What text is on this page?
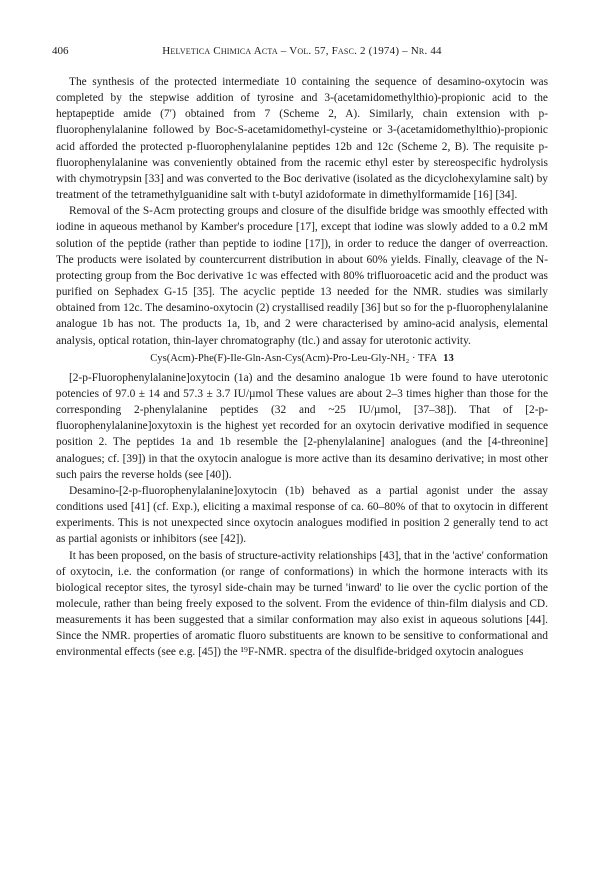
406	Helvetica Chimica Acta – Vol. 57, Fasc. 2 (1974) – Nr. 44

The synthesis of the protected intermediate 10 containing the sequence of desamino-oxytocin was completed by the stepwise addition of tyrosine and 3-(acetamidomethylthio)-propionic acid to the heptapeptide amide (7′) obtained from 7 (Scheme 2, A). Similarly, chain extension with p-fluorophenylalanine followed by Boc-S-acetamidomethyl-cysteine or 3-(acetamidomethylthio)-propionic acid afforded the protected p-fluorophenylalanine peptides 12b and 12c (Scheme 2, B). The requisite p-fluorophenylalanine was conveniently obtained from the racemic ethyl ester by stereospecific hydrolysis with chymotrypsin [33] and was converted to the Boc derivative (isolated as the dicyclohexylamine salt) by treatment of the tetramethylguanidine salt with t-butyl azidoformate in dimethylformamide [16] [34].

Removal of the S-Acm protecting groups and closure of the disulfide bridge was smoothly effected with iodine in aqueous methanol by Kamber's procedure [17], except that iodine was slowly added to a 0.2 mM solution of the peptide (rather than peptide to iodine [17]), in order to reduce the danger of overreaction. The products were isolated by countercurrent distribution in about 60% yields. Finally, cleavage of the N-protecting group from the Boc derivative 1c was effected with 80% trifluoroacetic acid and the product was purified on Sephadex G-15 [35]. The acyclic peptide 13 needed for the NMR. studies was similarly obtained from 12c. The desamino-oxytocin (2) crystallised readily [36] but so for the p-fluorophenylalanine analogue 1b has not. The products 1a, 1b, and 2 were characterised by amino-acid analysis, elemental analysis, optical rotation, thin-layer chromatography (tlc.) and assay for uterotonic activity.

Cys(Acm)-Phe(F)-Ile-Gln-Asn-Cys(Acm)-Pro-Leu-Gly-NH₂ · TFA 13

[2-p-Fluorophenylalanine]oxytocin (1a) and the desamino analogue 1b were found to have uterotonic potencies of 97.0 ± 14 and 57.3 ± 3.7 IU/µmol These values are about 2–3 times higher than those for the corresponding 2-phenylalanine peptides (32 and ~25 IU/µmol, [37–38]). That of [2-p-fluorophenylalanine]oxytoxin is the highest yet recorded for an oxytocin derivative modified in sequence position 2. The peptides 1a and 1b resemble the [2-phenylalanine] analogues (and the [4-threonine] analogues; cf. [39]) in that the oxytocin analogue is more active than its desamino derivative; in most other such pairs the reverse holds (see [40]).

Desamino-[2-p-fluorophenylalanine]oxytocin (1b) behaved as a partial agonist under the assay conditions used [41] (cf. Exp.), eliciting a maximal response of ca. 60–80% of that to oxytocin in different experiments. This is not unexpected since oxytocin analogues modified in position 2 generally tend to act as partial agonists or inhibitors (see [42]).

It has been proposed, on the basis of structure-activity relationships [43], that in the 'active' conformation of oxytocin, i.e. the conformation (or range of conformations) in which the hormone interacts with its biological receptor sites, the tyrosyl side-chain may be turned 'inward' to lie over the cyclic portion of the molecule, rather than being freely exposed to the solvent. From the evidence of thin-film dialysis and CD. measurements it has been suggested that a similar conformation may also exist in aqueous solutions [44]. Since the NMR. properties of aromatic fluoro substituents are known to be sensitive to conformational and environmental effects (see e.g. [45]) the ¹⁹F-NMR. spectra of the disulfide-bridged oxytocin analogues
